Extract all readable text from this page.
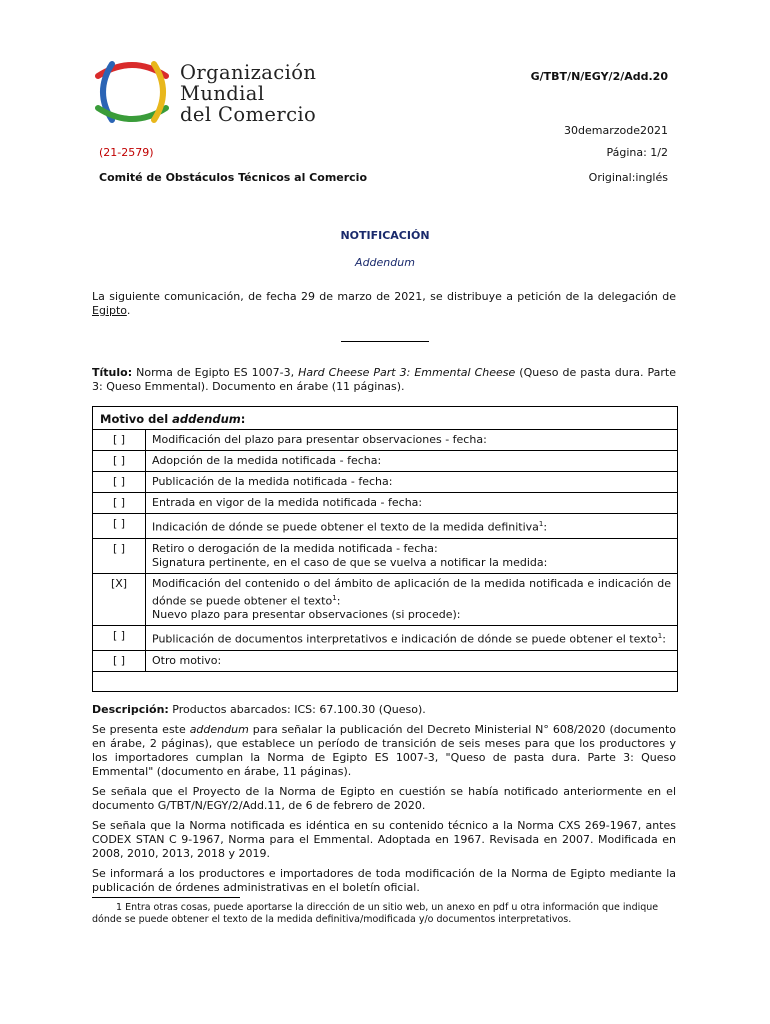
Organización
Mundial
del Comercio
G/TBT/N/EGY/2/Add.20
30demarzode2021
(21-2579)	Página: 1/2
Comité de Obstáculos Técnicos al Comercio	Original:inglés
NOTIFICACIÓN
Addendum
La siguiente comunicación, de fecha 29 de marzo de 2021, se distribuye a petición de la delegación de Egipto.
Título: Norma de Egipto ES 1007-3, Hard Cheese Part 3: Emmental Cheese (Queso de pasta dura. Parte 3: Queso Emmental). Documento en árabe (11 páginas).
Motivo del addendum:
[ ]	Modificación del plazo para presentar observaciones - fecha:
[ ]	Adopción de la medida notificada - fecha:
[ ]	Publicación de la medida notificada - fecha:
[ ]	Entrada en vigor de la medida notificada - fecha:
[ ]	Indicación de dónde se puede obtener el texto de la medida definitiva$^1$:
[ ]	Retiro o derogación de la medida notificada - fecha:
Signatura pertinente, en el caso de que se vuelva a notificar la medida:

[X]	Modificación del contenido o del ámbito de aplicación de la medida notificada e indicación de dónde se puede obtener el texto$^1$:
Nuevo plazo para presentar observaciones (si procede):

[ ]	Publicación de documentos interpretativos e indicación de dónde se puede obtener el texto$^1$:
[ ]	Otro motivo:

Descripción: Productos abarcados: ICS: 67.100.30 (Queso).

Se presenta este addendum para señalar la publicación del Decreto Ministerial N° 608/2020 (documento en árabe, 2 páginas), que establece un período de transición de seis meses para que los productores y los importadores cumplan la Norma de Egipto ES 1007-3, "Queso de pasta dura. Parte 3: Queso Emmental" (documento en árabe, 11 páginas).

Se señala que el Proyecto de la Norma de Egipto en cuestión se había notificado anteriormente en el documento G/TBT/N/EGY/2/Add.11, de 6 de febrero de 2020.

Se señala que la Norma notificada es idéntica en su contenido técnico a la Norma CXS 269-1967, antes CODEX STAN C 9-1967, Norma para el Emmental. Adoptada en 1967. Revisada en 2007. Modificada en 2008, 2010, 2013, 2018 y 2019.

Se informará a los productores e importadores de toda modificación de la Norma de Egipto mediante la publicación de órdenes administrativas en el boletín oficial.

1 Entra otras cosas, puede aportarse la dirección de un sitio web, un anexo en pdf u otra información que indique dónde se puede obtener el texto de la medida definitiva/modificada y/o documentos interpretativos.
